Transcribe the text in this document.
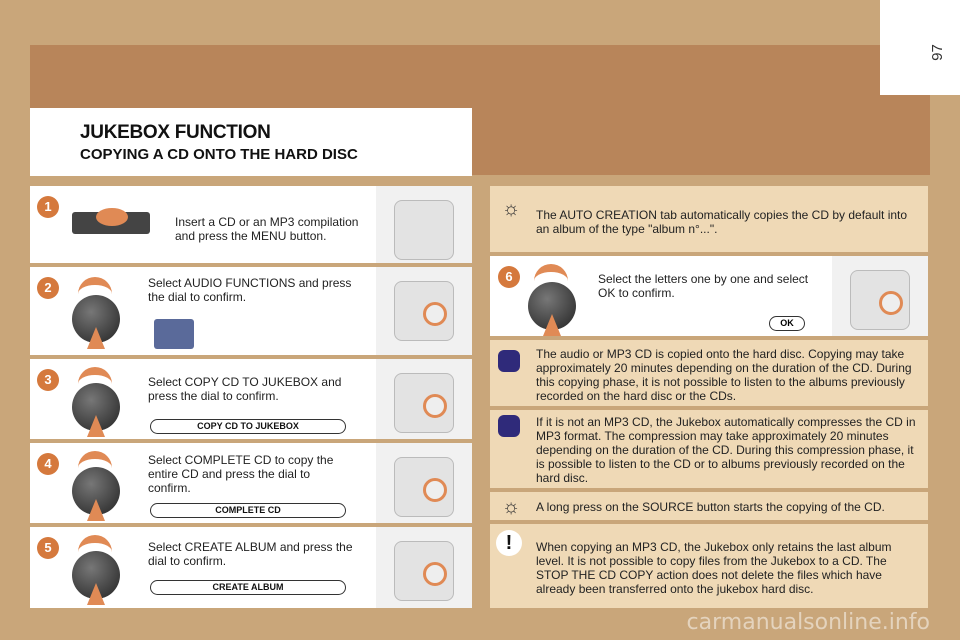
97
JUKEBOX FUNCTION
COPYING A CD ONTO THE HARD DISC
1
Insert a CD or an MP3 compilation and press the MENU button.
2	Select AUDIO FUNCTIONS and press the dial to confirm.
3	Select COPY CD TO JUKEBOX and press the dial to confirm.
COPY CD TO JUKEBOX
4	Select COMPLETE CD to copy the entire CD and press the dial to confirm.
COMPLETE CD
5	Select CREATE ALBUM and press the dial to confirm.
CREATE ALBUM
☼ The AUTO CREATION tab automatically copies the CD by default into an album of the type "album n°...".
6	Select the letters one by one and select OK to confirm.
OK
The audio or MP3 CD is copied onto the hard disc. Copying may take approximately 20 minutes depending on the duration of the CD. During this copying phase, it is not possible to listen to the albums previously recorded on the hard disc or the CDs.
If it is not an MP3 CD, the Jukebox automatically compresses the CD in MP3 format. The compression may take approximately 20 minutes depending on the duration of the CD. During this compression phase, it is possible to listen to the CD or to albums previously recorded on the hard disc.
☼ A long press on the SOURCE button starts the copying of the CD.
!	When copying an MP3 CD, the Jukebox only retains the last album level. It is not possible to copy files from the Jukebox to a CD. The STOP THE CD COPY action does not delete the files which have already been transferred onto the jukebox hard disc.
carmanualsonline.info
